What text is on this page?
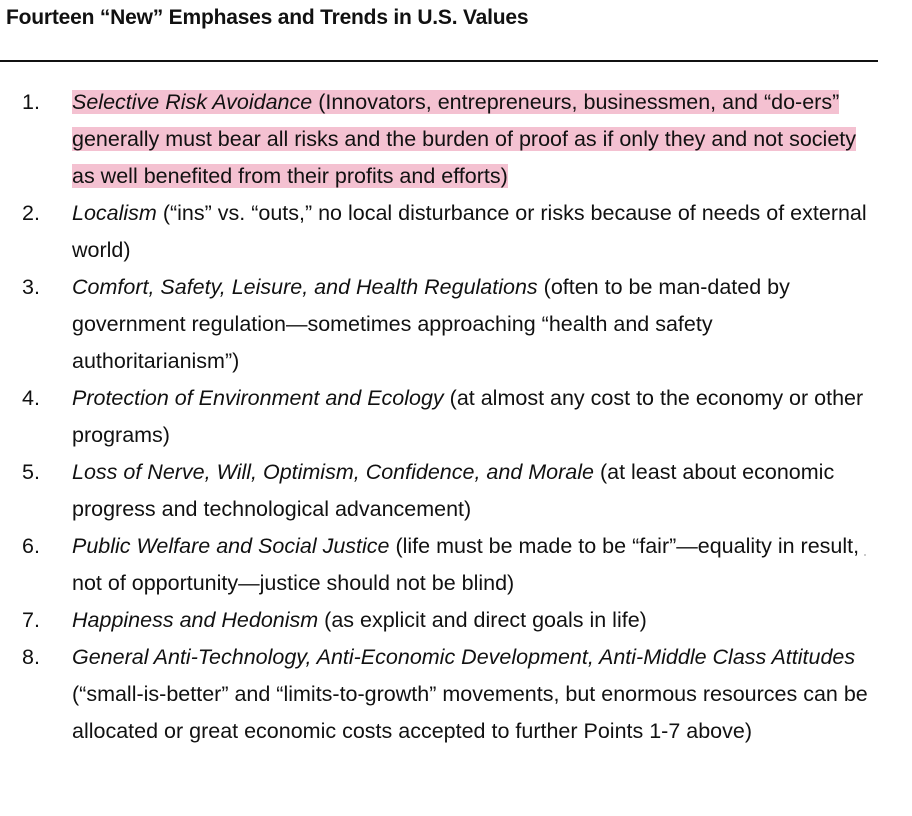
Fourteen “New” Emphases and Trends in U.S. Values
1. Selective Risk Avoidance (Innovators, entrepreneurs, businessmen, and “do-ers” generally must bear all risks and the burden of proof as if only they and not society as well benefited from their profits and efforts)
2. Localism (“ins” vs. “outs,” no local disturbance or risks because of needs of external world)
3. Comfort, Safety, Leisure, and Health Regulations (often to be man-dated by government regulation—sometimes approaching “health and safety authoritarianism”)
4. Protection of Environment and Ecology (at almost any cost to the economy or other programs)
5. Loss of Nerve, Will, Optimism, Confidence, and Morale (at least about economic progress and technological advancement)
6. Public Welfare and Social Justice (life must be made to be “fair”—equality in result, not of opportunity—justice should not be blind)
7. Happiness and Hedonism (as explicit and direct goals in life)
8. General Anti-Technology, Anti-Economic Development, Anti-Middle Class Attitudes (“small-is-better” and “limits-to-growth” movements, but enormous resources can be allocated or great economic costs accepted to further Points 1-7 above)
